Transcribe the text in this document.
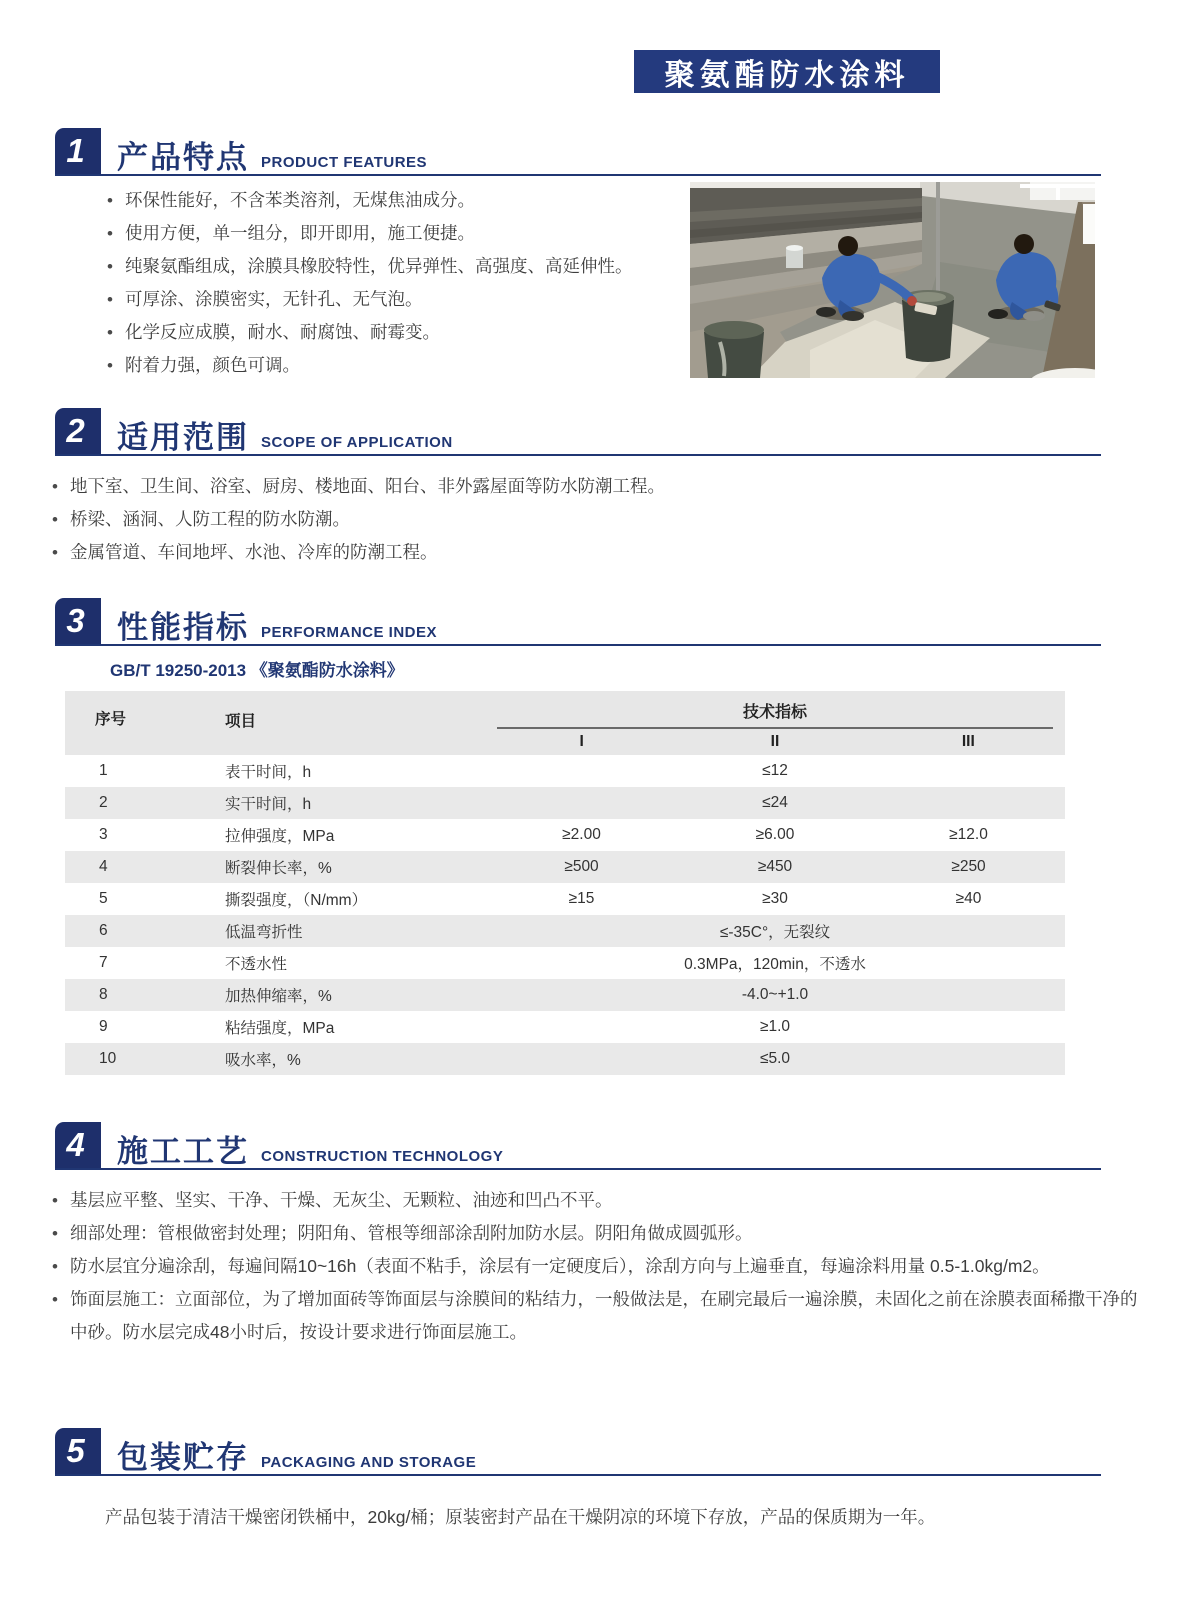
聚氨酯防水涂料
1	产品特点 PRODUCT FEATURES
• 环保性能好，不含苯类溶剂，无煤焦油成分。
• 使用方便，单一组分，即开即用，施工便捷。
• 纯聚氨酯组成，涂膜具橡胶特性，优异弹性、高强度、高延伸性。
• 可厚涂、涂膜密实，无针孔、无气泡。
• 化学反应成膜，耐水、耐腐蚀、耐霉变。
• 附着力强，颜色可调。
2	适用范围 SCOPE OF APPLICATION
• 地下室、卫生间、浴室、厨房、楼地面、阳台、非外露屋面等防水防潮工程。
• 桥梁、涵洞、人防工程的防水防潮。
• 金属管道、车间地坪、水池、冷库的防潮工程。
3	性能指标 PERFORMANCE INDEX
GB/T 19250-2013 《聚氨酯防水涂料》
序号	项目
技术指标
I	II	III
1	表干时间，h	≤12
2	实干时间，h	≤24
3	拉伸强度，MPa	≥2.00	≥6.00	≥12.0
4	断裂伸长率，%	≥500	≥450	≥250
5	撕裂强度，（N/mm）	≥15	≥30	≥40
6	低温弯折性	≤-35C°，无裂纹
7	不透水性	0.3MPa，120min，不透水
8	加热伸缩率，%	-4.0~+1.0
9	粘结强度，MPa	≥1.0
10	吸水率，%	≤5.0
4	施工工艺 CONSTRUCTION TECHNOLOGY
• 基层应平整、坚实、干净、干燥、无灰尘、无颗粒、油迹和凹凸不平。
• 细部处理：管根做密封处理；阴阳角、管根等细部涂刮附加防水层。阴阳角做成圆弧形。
• 防水层宜分遍涂刮，每遍间隔10~16h（表面不粘手，涂层有一定硬度后），涂刮方向与上遍垂直，每遍涂料用量 0.5-1.0kg/m2。
• 饰面层施工：立面部位，为了增加面砖等饰面层与涂膜间的粘结力，一般做法是，在刷完最后一遍涂膜，未固化之前在涂膜表面稀撒干净的中砂。防水层完成48小时后，按设计要求进行饰面层施工。
5	包装贮存 PACKAGING AND STORAGE

产品包装于清洁干燥密闭铁桶中，20kg/桶；原装密封产品在干燥阴凉的环境下存放，产品的保质期为一年。
